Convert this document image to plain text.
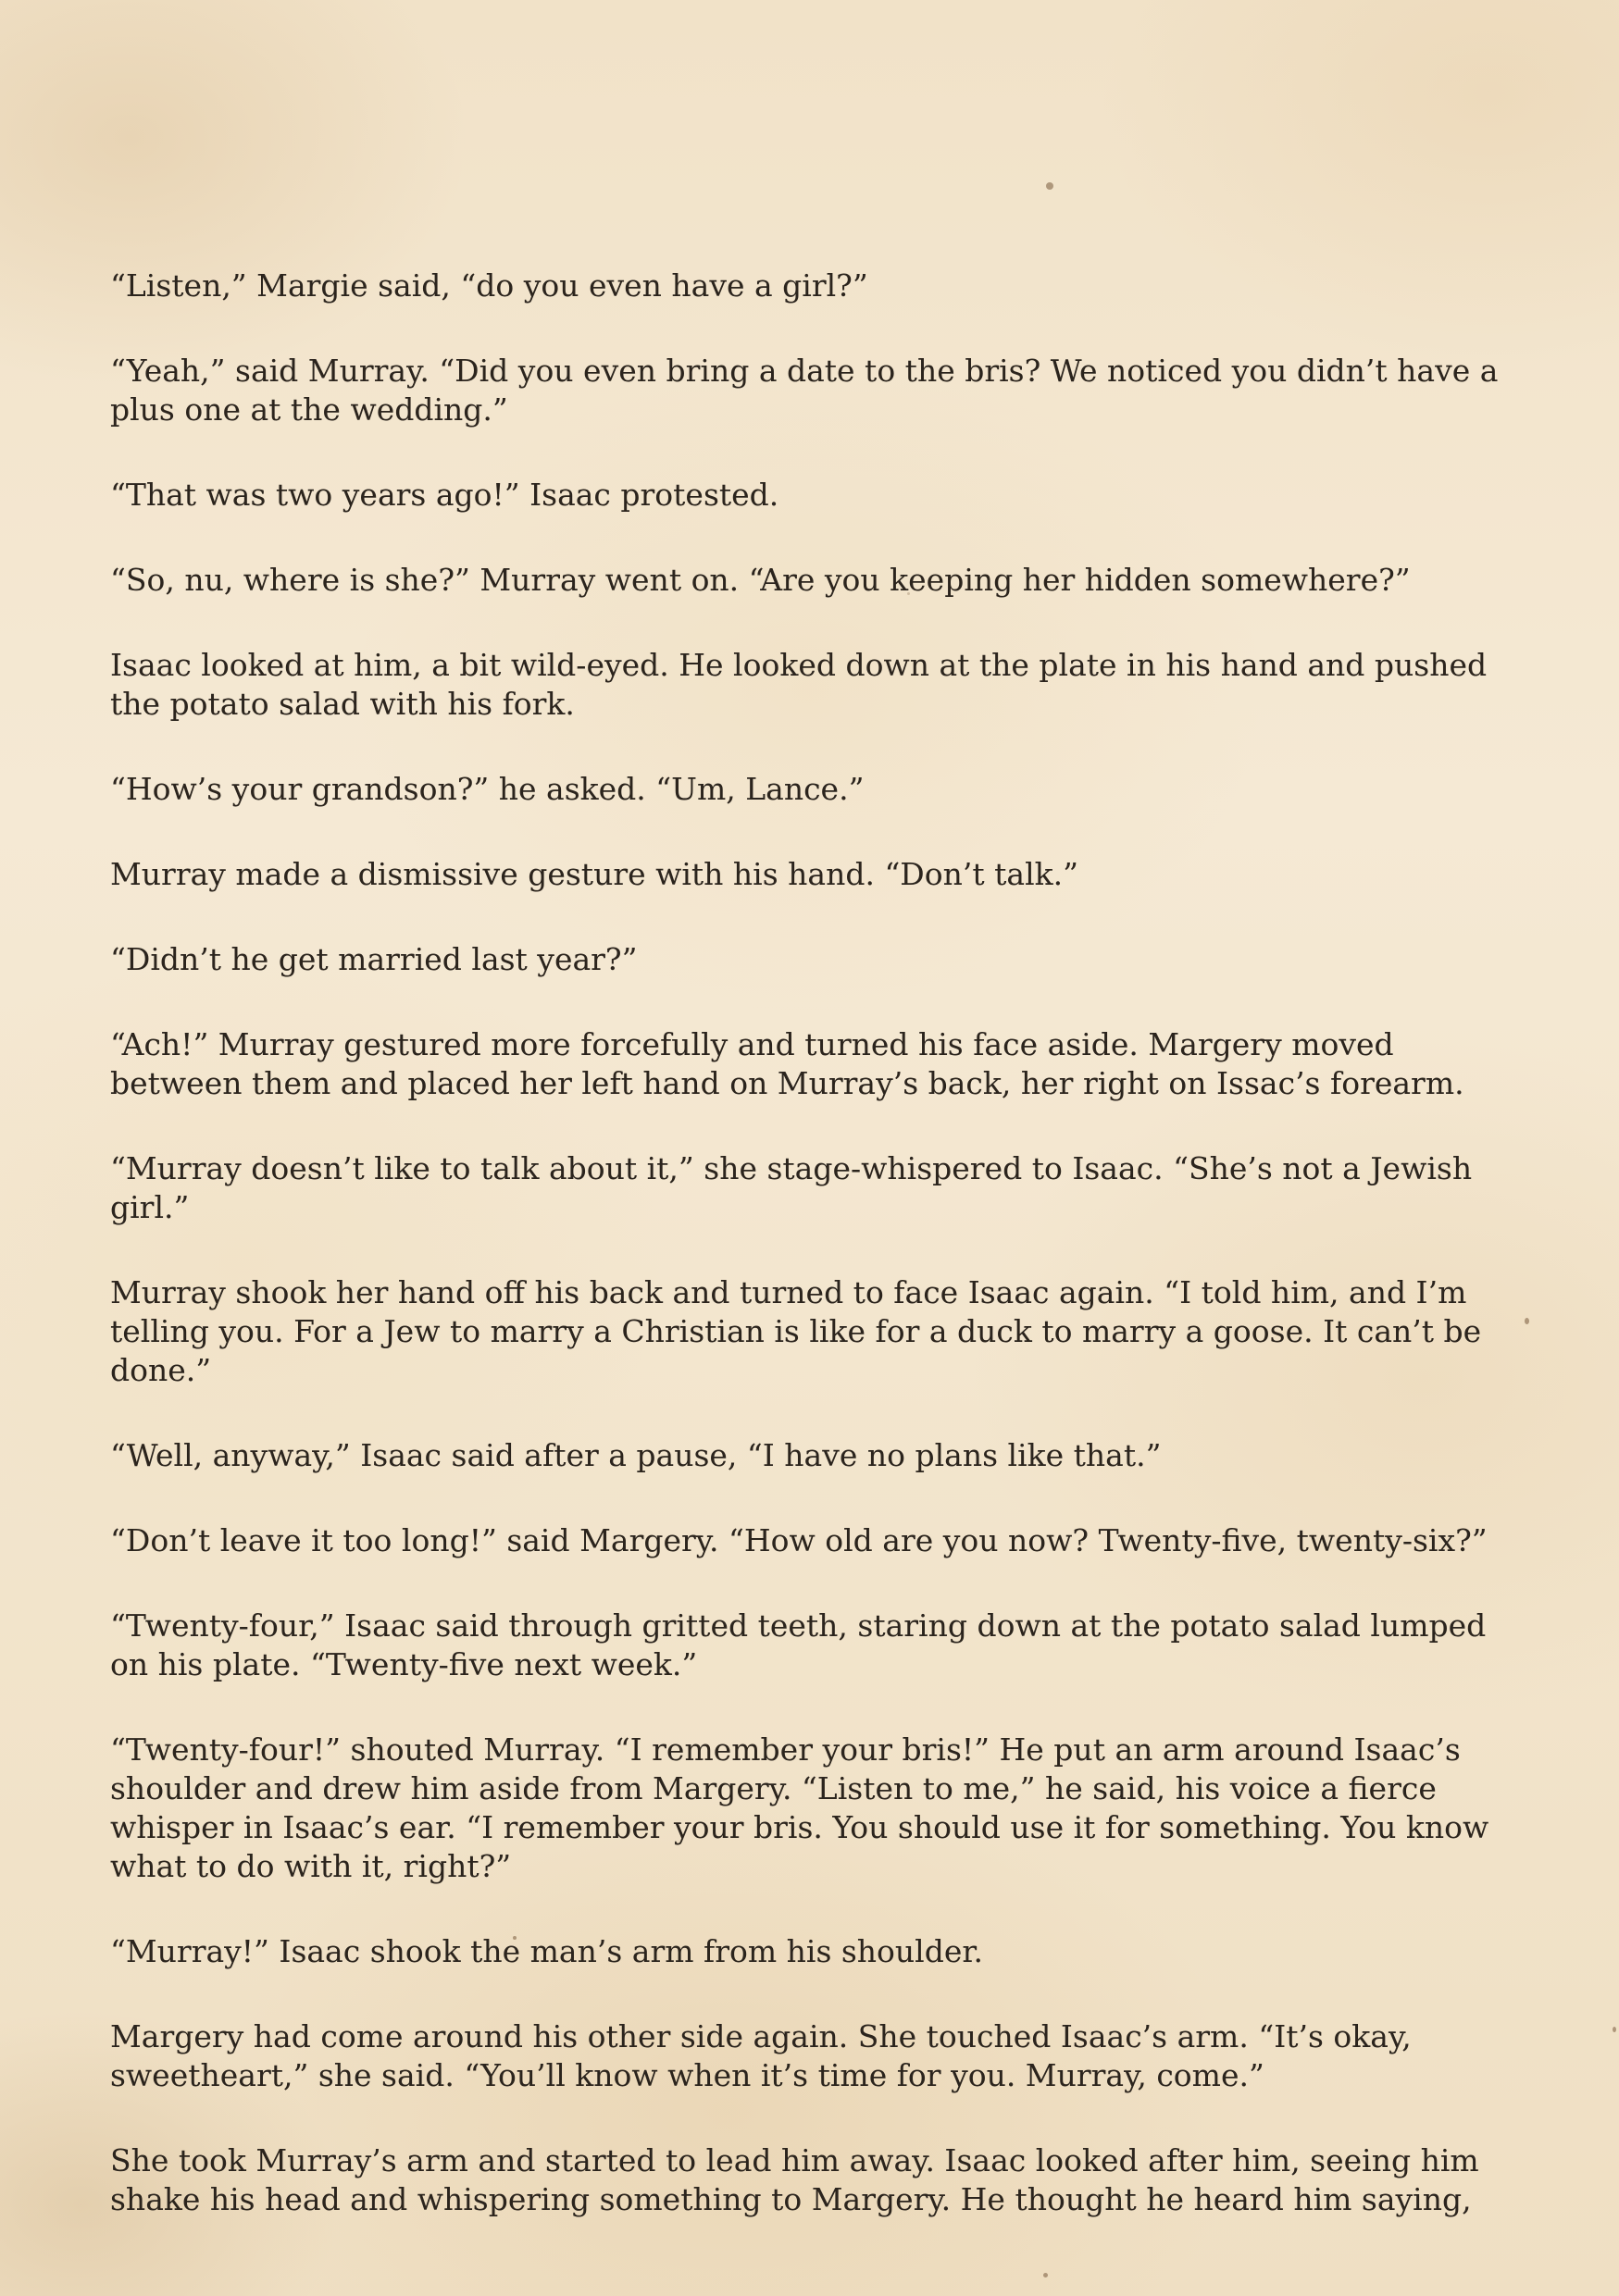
“Listen,” Margie said, “do you even have a girl?”

“Yeah,” said Murray. “Did you even bring a date to the bris? We noticed you didn’t have a plus one at the wedding.”

“That was two years ago!” Isaac protested.

“So, nu, where is she?” Murray went on. “Are you keeping her hidden somewhere?”

Isaac looked at him, a bit wild-eyed. He looked down at the plate in his hand and pushed the potato salad with his fork.

“How’s your grandson?” he asked. “Um, Lance.”

Murray made a dismissive gesture with his hand. “Don’t talk.”

“Didn’t he get married last year?”

“Ach!” Murray gestured more forcefully and turned his face aside. Margery moved between them and placed her left hand on Murray’s back, her right on Issac’s forearm.

“Murray doesn’t like to talk about it,” she stage-whispered to Isaac. “She’s not a Jewish girl.”

Murray shook her hand off his back and turned to face Isaac again. “I told him, and I’m telling you. For a Jew to marry a Christian is like for a duck to marry a goose. It can’t be done.”

“Well, anyway,” Isaac said after a pause, “I have no plans like that.”

“Don’t leave it too long!” said Margery. “How old are you now? Twenty-five, twenty-six?”

“Twenty-four,” Isaac said through gritted teeth, staring down at the potato salad lumped on his plate. “Twenty-five next week.”

“Twenty-four!” shouted Murray. “I remember your bris!” He put an arm around Isaac’s shoulder and drew him aside from Margery. “Listen to me,” he said, his voice a fierce whisper in Isaac’s ear. “I remember your bris. You should use it for something. You know what to do with it, right?”

“Murray!” Isaac shook the man’s arm from his shoulder.

Margery had come around his other side again. She touched Isaac’s arm. “It’s okay, sweetheart,” she said. “You’ll know when it’s time for you. Murray, come.”

She took Murray’s arm and started to lead him away. Isaac looked after him, seeing him shake his head and whispering something to Margery. He thought he heard him saying,
